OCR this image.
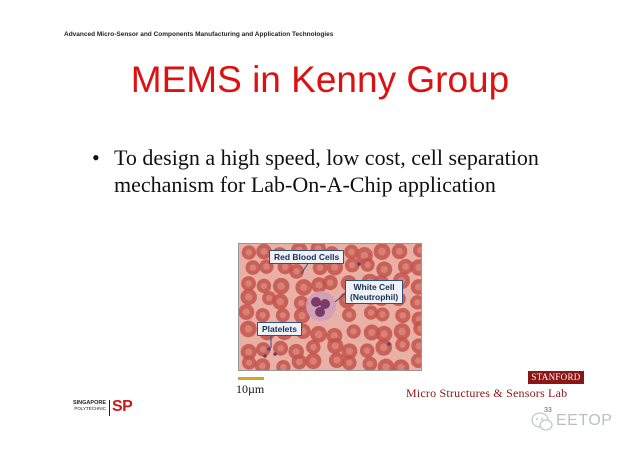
Advanced Micro-Sensor and Components Manufacturing and Application Technologies
MEMS in Kenny Group
• To design a high speed, low cost, cell separation mechanism for Lab-On-A-Chip application
Red Blood Cells
White Cell
(Neutrophil)
Platelets
10µm
SINGAPORE
POLYTECHNIC SP
STANFORD
Micro Structures & Sensors Lab
33
EETOP
